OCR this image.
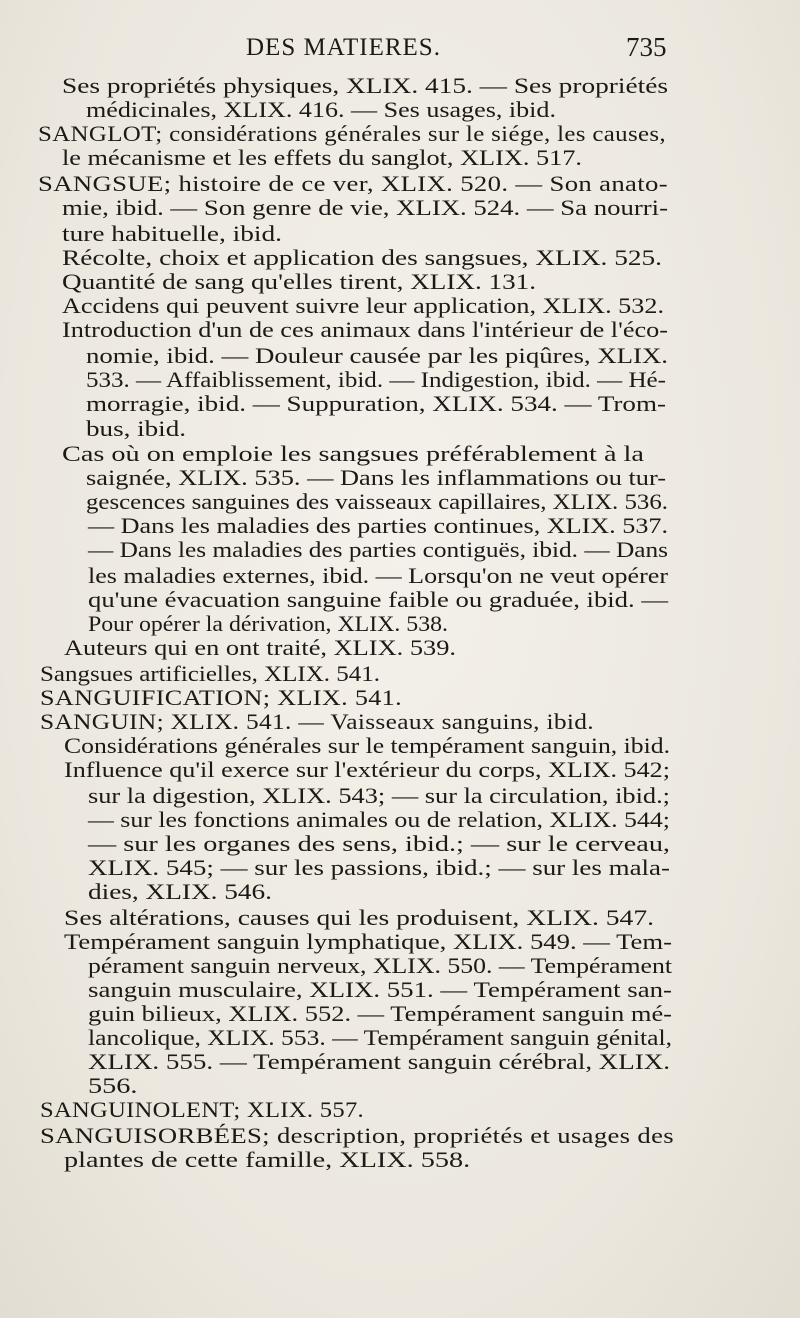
DES MATIERES.	735
Ses propriétés physiques, XLIX. 415. — Ses propriétés
médicinales, XLIX. 416. — Ses usages, ibid.
SANGLOT; considérations générales sur le siége, les causes,
le mécanisme et les effets du sanglot, XLIX. 517.
SANGSUE; histoire de ce ver, XLIX. 520. — Son anato-
mie, ibid. — Son genre de vie, XLIX. 524. — Sa nourri-
ture habituelle, ibid.
Récolte, choix et application des sangsues, XLIX. 525.
Quantité de sang qu'elles tirent, XLIX. 131.
Accidens qui peuvent suivre leur application, XLIX. 532.
Introduction d'un de ces animaux dans l'intérieur de l'éco-
nomie, ibid. — Douleur causée par les piqûres, XLIX.
533. — Affaiblissement, ibid. — Indigestion, ibid. — Hé-
morragie, ibid. — Suppuration, XLIX. 534. — Trom-
bus, ibid.
Cas où on emploie les sangsues préférablement à la
saignée, XLIX. 535. — Dans les inflammations ou tur-
gescences sanguines des vaisseaux capillaires, XLIX. 536.
— Dans les maladies des parties continues, XLIX. 537.
— Dans les maladies des parties contiguës, ibid. — Dans
les maladies externes, ibid. — Lorsqu'on ne veut opérer
qu'une évacuation sanguine faible ou graduée, ibid. —
Pour opérer la dérivation, XLIX. 538.
Auteurs qui en ont traité, XLIX. 539.
Sangsues artificielles, XLIX. 541.
SANGUIFICATION; XLIX. 541.
SANGUIN; XLIX. 541. — Vaisseaux sanguins, ibid.
Considérations générales sur le tempérament sanguin, ibid.
Influence qu'il exerce sur l'extérieur du corps, XLIX. 542;
sur la digestion, XLIX. 543; — sur la circulation, ibid.;
— sur les fonctions animales ou de relation, XLIX. 544;
— sur les organes des sens, ibid.; — sur le cerveau,
XLIX. 545; — sur les passions, ibid.; — sur les mala-
dies, XLIX. 546.
Ses altérations, causes qui les produisent, XLIX. 547.
Tempérament sanguin lymphatique, XLIX. 549. — Tem-
pérament sanguin nerveux, XLIX. 550. — Tempérament
sanguin musculaire, XLIX. 551. — Tempérament san-
guin bilieux, XLIX. 552. — Tempérament sanguin mé-
lancolique, XLIX. 553. — Tempérament sanguin génital,
XLIX. 555. — Tempérament sanguin cérébral, XLIX.
556.
SANGUINOLENT; XLIX. 557.
SANGUISORBÉES; description, propriétés et usages des
plantes de cette famille, XLIX. 558.
